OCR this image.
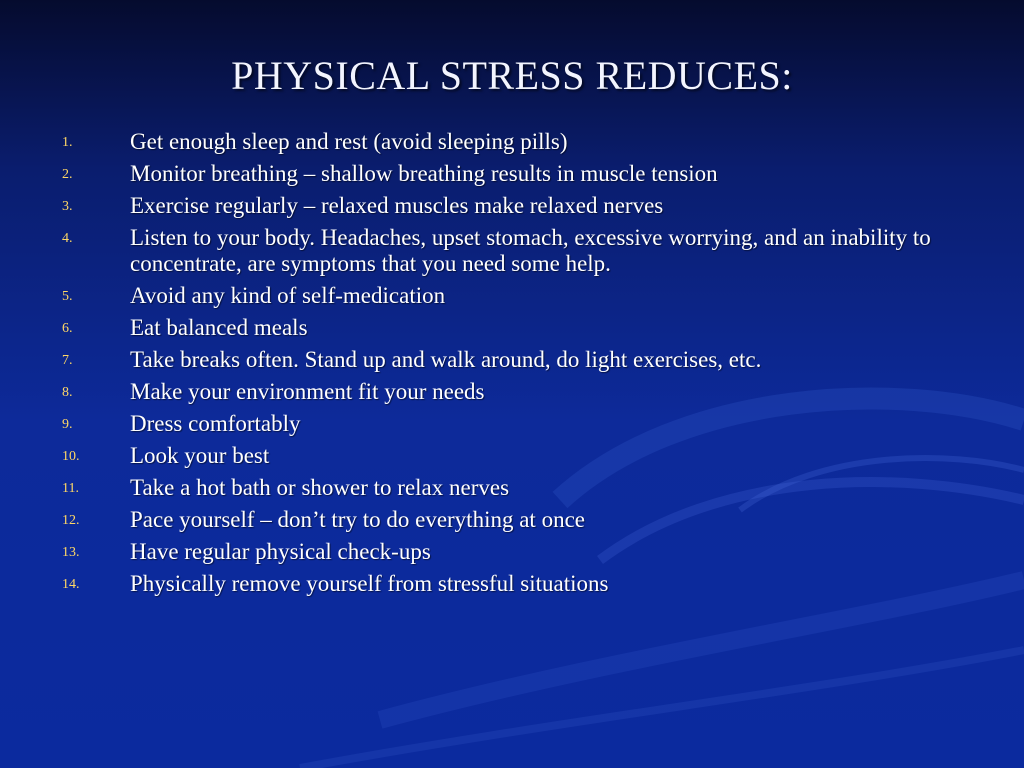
PHYSICAL STRESS REDUCES:
1.	Get enough sleep and rest (avoid sleeping pills)
2.	Monitor breathing – shallow breathing results in muscle tension
3.	Exercise regularly – relaxed muscles make relaxed nerves
4.	Listen to your body. Headaches, upset stomach, excessive worrying, and an inability to concentrate, are symptoms that you need some help.
5.	Avoid any kind of self-medication
6.	Eat balanced meals
7.	Take breaks often. Stand up and walk around, do light exercises, etc.
8.	Make your environment fit your needs
9.	Dress comfortably
10. Look your best
11. Take a hot bath or shower to relax nerves
12. Pace yourself – don’t try to do everything at once
13. Have regular physical check-ups
14. Physically remove yourself from stressful situations
